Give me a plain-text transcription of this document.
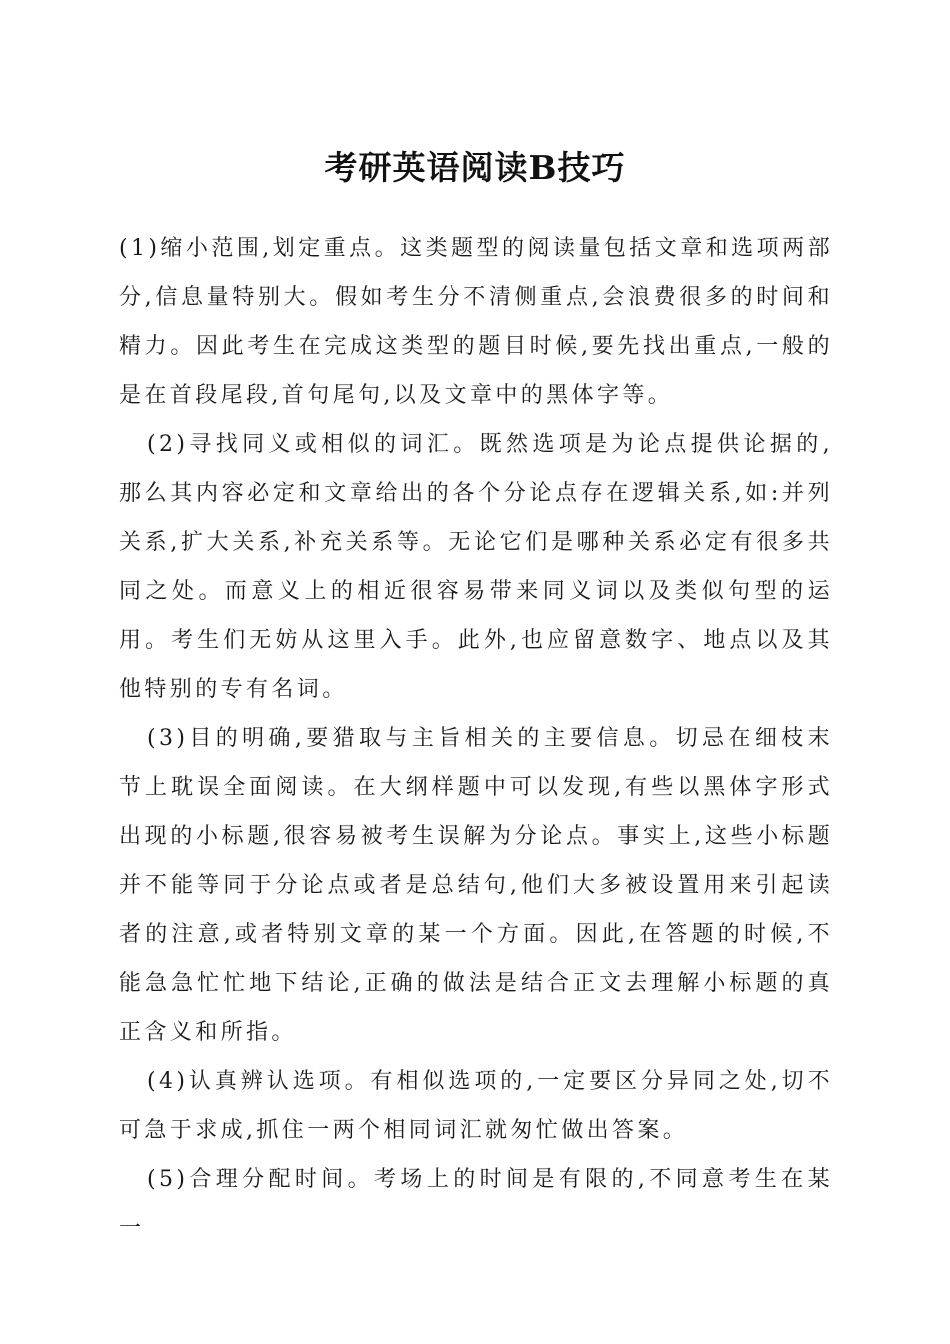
考研英语阅读B技巧

(1)缩小范围,划定重点。这类题型的阅读量包括文章和选项两部分,信息量特别大。假如考生分不清侧重点,会浪费很多的时间和精力。因此考生在完成这类型的题目时候,要先找出重点,一般的是在首段尾段,首句尾句,以及文章中的黑体字等。

(2)寻找同义或相似的词汇。既然选项是为论点提供论据的,那么其内容必定和文章给出的各个分论点存在逻辑关系,如:并列关系,扩大关系,补充关系等。无论它们是哪种关系必定有很多共同之处。而意义上的相近很容易带来同义词以及类似句型的运用。考生们无妨从这里入手。此外,也应留意数字、地点以及其他特别的专有名词。

(3)目的明确,要猎取与主旨相关的主要信息。切忌在细枝末节上耽误全面阅读。在大纲样题中可以发现,有些以黑体字形式出现的小标题,很容易被考生误解为分论点。事实上,这些小标题并不能等同于分论点或者是总结句,他们大多被设置用来引起读者的注意,或者特别文章的某一个方面。因此,在答题的时候,不能急急忙忙地下结论,正确的做法是结合正文去理解小标题的真正含义和所指。

(4)认真辨认选项。有相似选项的,一定要区分异同之处,切不可急于求成,抓住一两个相同词汇就匆忙做出答案。

(5)合理分配时间。考场上的时间是有限的,不同意考生在某一
